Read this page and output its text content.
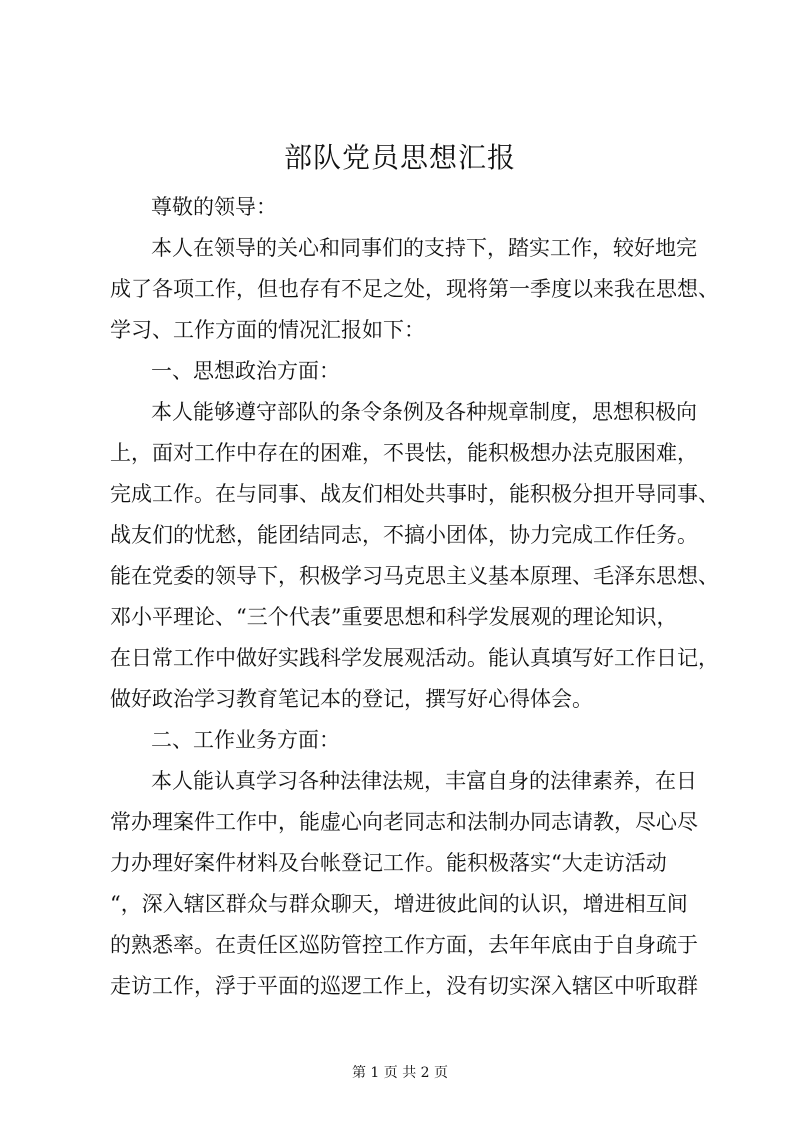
部队党员思想汇报
尊敬的领导：
本人在领导的关心和同事们的支持下，踏实工作，较好地完
成了各项工作，但也存有不足之处，现将第一季度以来我在思想、
学习、工作方面的情况汇报如下：
一、思想政治方面：
本人能够遵守部队的条令条例及各种规章制度，思想积极向
上，面对工作中存在的困难，不畏怯，能积极想办法克服困难，
完成工作。在与同事、战友们相处共事时，能积极分担开导同事、
战友们的忧愁，能团结同志，不搞小团体，协力完成工作任务。
能在党委的领导下，积极学习马克思主义基本原理、毛泽东思想、
邓小平理论、“三个代表”重要思想和科学发展观的理论知识，
在日常工作中做好实践科学发展观活动。能认真填写好工作日记，
做好政治学习教育笔记本的登记，撰写好心得体会。
二、工作业务方面：
本人能认真学习各种法律法规，丰富自身的法律素养，在日
常办理案件工作中，能虚心向老同志和法制办同志请教，尽心尽
力办理好案件材料及台帐登记工作。能积极落实“大走访活动
“，深入辖区群众与群众聊天，增进彼此间的认识，增进相互间
的熟悉率。在责任区巡防管控工作方面，去年年底由于自身疏于
走访工作，浮于平面的巡逻工作上，没有切实深入辖区中听取群
第 1 页 共 2 页
